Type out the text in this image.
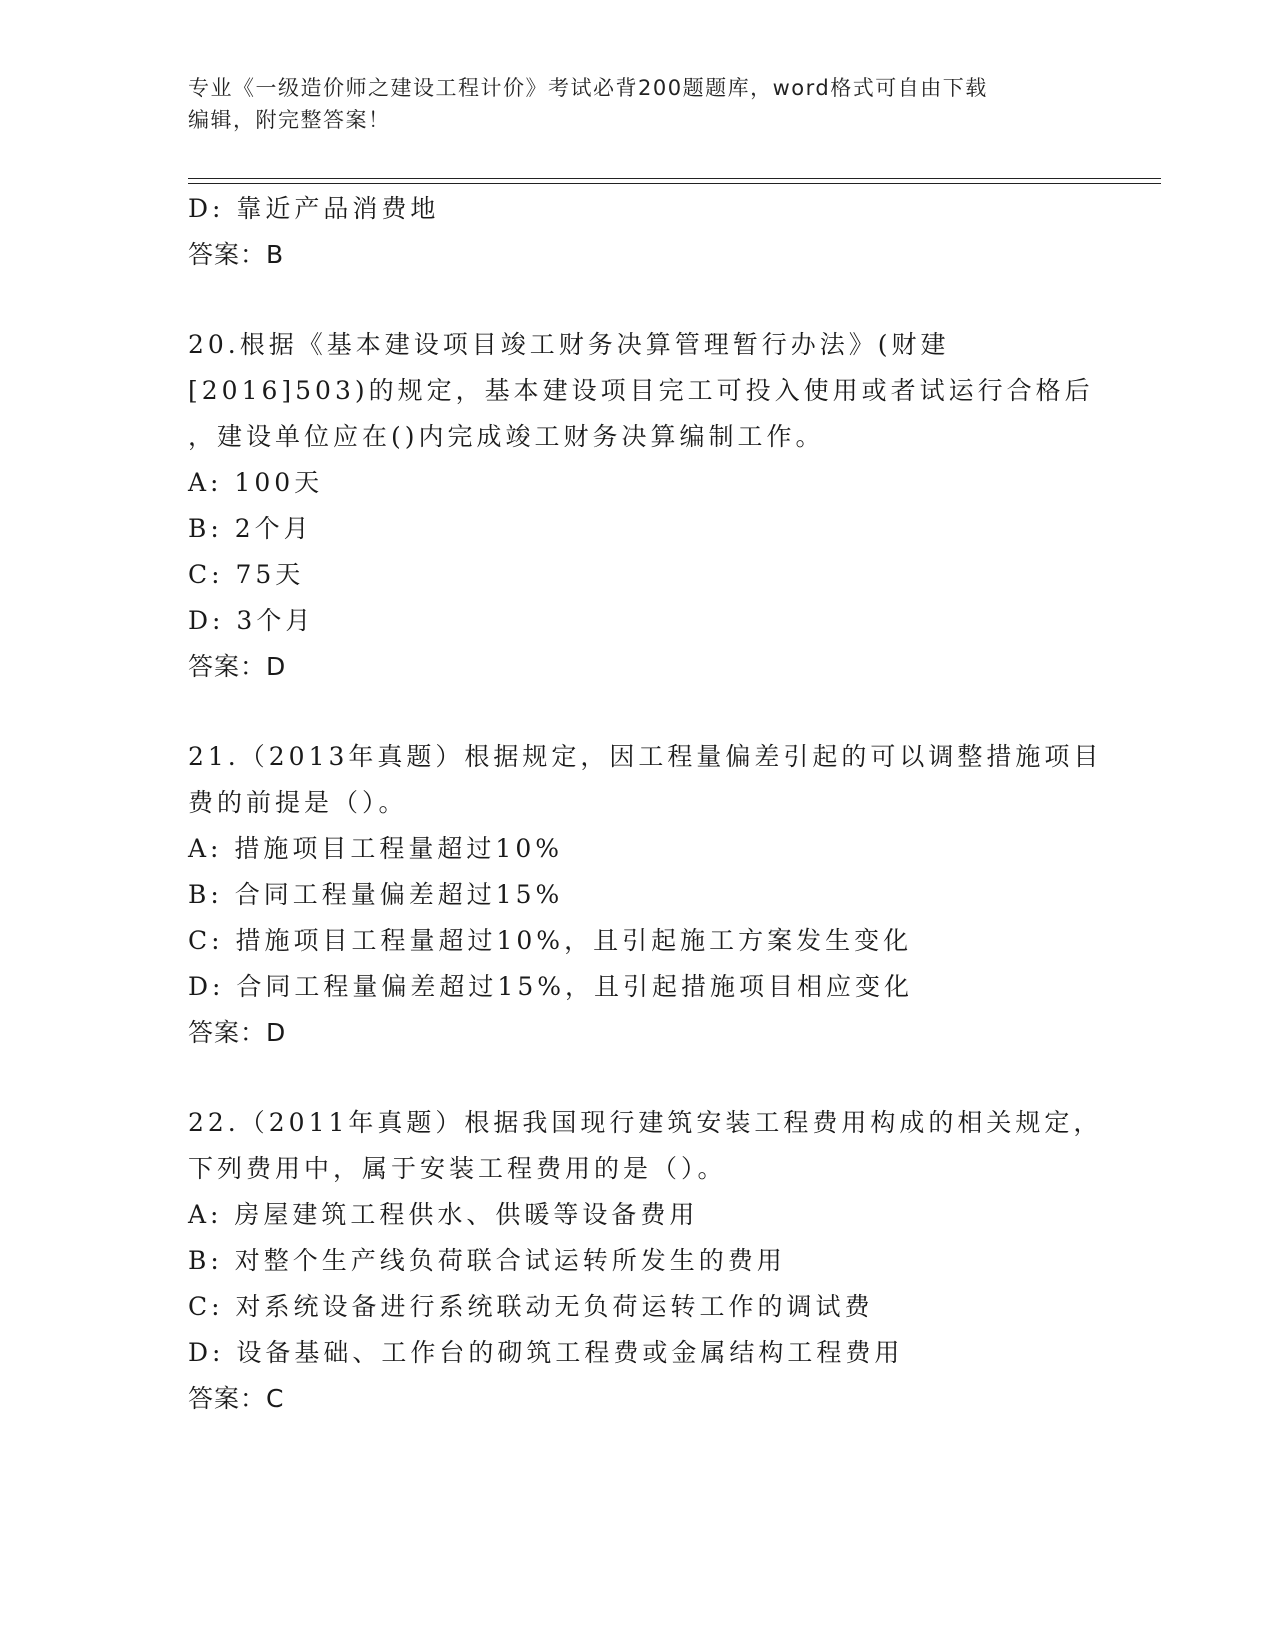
专业《一级造价师之建设工程计价》考试必背200题题库，word格式可自由下载
编辑，附完整答案！
D: 靠近产品消费地
答案：B
20.根据《基本建设项目竣工财务决算管理暂行办法》(财建
[2016]503)的规定，基本建设项目完工可投入使用或者试运行合格后
，建设单位应在()内完成竣工财务决算编制工作。
A: 100天
B: 2个月
C: 75天
D: 3个月
答案：D
21.（2013年真题）根据规定，因工程量偏差引起的可以调整措施项目
费的前提是（）。
A: 措施项目工程量超过10%
B: 合同工程量偏差超过15%
C: 措施项目工程量超过10%，且引起施工方案发生变化
D: 合同工程量偏差超过15%，且引起措施项目相应变化
答案：D
22.（2011年真题）根据我国现行建筑安装工程费用构成的相关规定，
下列费用中，属于安装工程费用的是（）。
A: 房屋建筑工程供水、供暖等设备费用
B: 对整个生产线负荷联合试运转所发生的费用
C: 对系统设备进行系统联动无负荷运转工作的调试费
D: 设备基础、工作台的砌筑工程费或金属结构工程费用
答案：C
